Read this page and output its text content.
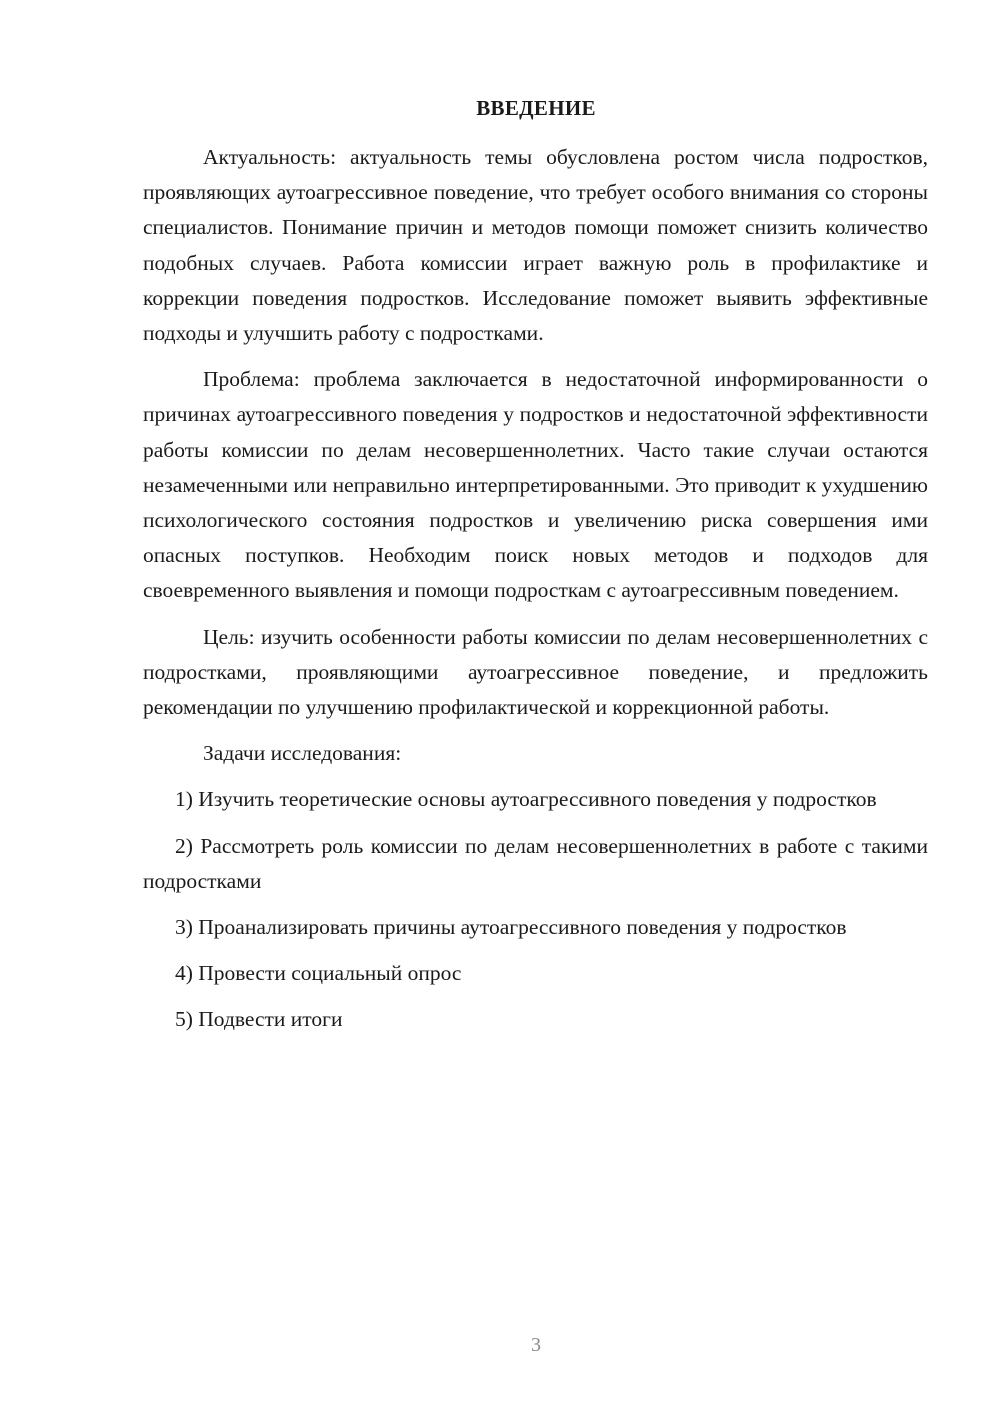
ВВЕДЕНИЕ

Актуальность: актуальность темы обусловлена ростом числа подростков, проявляющих аутоагрессивное поведение, что требует особого внимания со стороны специалистов. Понимание причин и методов помощи поможет снизить количество подобных случаев. Работа комиссии играет важную роль в профилактике и коррекции поведения подростков. Исследование поможет выявить эффективные подходы и улучшить работу с подростками.

Проблема: проблема заключается в недостаточной информированности о причинах аутоагрессивного поведения у подростков и недостаточной эффективности работы комиссии по делам несовершеннолетних. Часто такие случаи остаются незамеченными или неправильно интерпретированными. Это приводит к ухудшению психологического состояния подростков и увеличению риска совершения ими опасных поступков. Необходим поиск новых методов и подходов для своевременного выявления и помощи подросткам с аутоагрессивным поведением.

Цель: изучить особенности работы комиссии по делам несовершеннолетних с подростками, проявляющими аутоагрессивное поведение, и предложить рекомендации по улучшению профилактической и коррекционной работы.

Задачи исследования:

1) Изучить теоретические основы аутоагрессивного поведения у подростков

2) Рассмотреть роль комиссии по делам несовершеннолетних в работе с такими подростками

3) Проанализировать причины аутоагрессивного поведения у подростков

4) Провести социальный опрос

5) Подвести итоги

3
